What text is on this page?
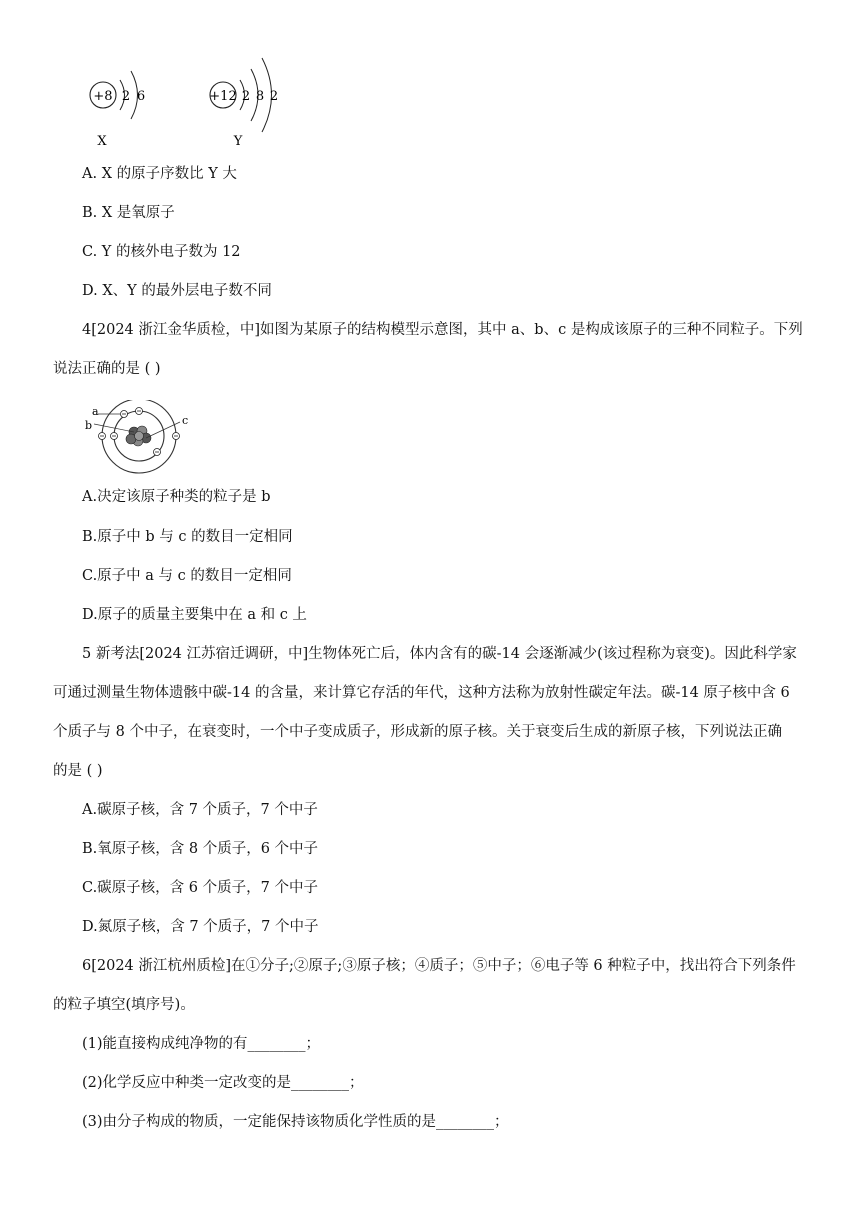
+8 2 6
X
+12 2 8 2
Y
A. X 的原子序数比 Y 大
B. X 是氧原子
C. Y 的核外电子数为 12
D. X、Y 的最外层电子数不同
4[2024 浙江金华质检，中]如图为某原子的结构模型示意图，其中 a、b、c 是构成该原子的三种不同粒子。下列
说法正确的是 ( )
a
b	c
A.决定该原子种类的粒子是 b
B.原子中 b 与 c 的数目一定相同
C.原子中 a 与 c 的数目一定相同
D.原子的质量主要集中在 a 和 c 上
5 新考法[2024 江苏宿迁调研，中]生物体死亡后，体内含有的碳-14 会逐渐减少(该过程称为衰变)。因此科学家
可通过测量生物体遗骸中碳-14 的含量，来计算它存活的年代，这种方法称为放射性碳定年法。碳-14 原子核中含 6
个质子与 8 个中子，在衰变时，一个中子变成质子，形成新的原子核。关于衰变后生成的新原子核，下列说法正确
的是 ( )
A.碳原子核，含 7 个质子，7 个中子
B.氧原子核，含 8 个质子，6 个中子
C.碳原子核，含 6 个质子，7 个中子
D.氮原子核，含 7 个质子，7 个中子
6[2024 浙江杭州质检]在①分子;②原子;③原子核；④质子；⑤中子；⑥电子等 6 种粒子中，找出符合下列条件
的粒子填空(填序号)。
(1)能直接构成纯净物的有________；
(2)化学反应中种类一定改变的是________；
(3)由分子构成的物质，一定能保持该物质化学性质的是________；
